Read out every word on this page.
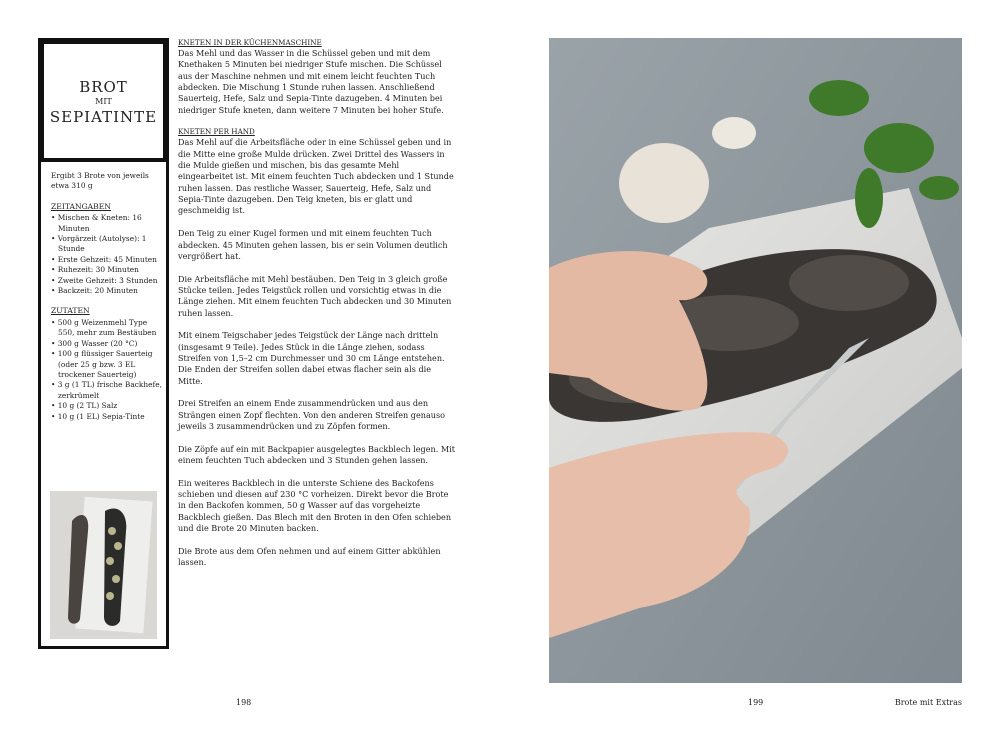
BROT
MIT
SEPIATINTE
Ergibt 3 Brote von jeweils etwa 310 g
ZEITANGABEN
• Mischen & Kneten: 16 Minuten
• Vorgärzeit (Autolyse): 1 Stunde
• Erste Gehzeit: 45 Minuten
• Ruhezeit: 30 Minuten
• Zweite Gehzeit: 3 Stunden
• Backzeit: 20 Minuten
ZUTATEN
• 500 g Weizenmehl Type 550, mehr zum Bestäuben
• 300 g Wasser (20 °C)
• 100 g flüssiger Sauerteig (oder 25 g bzw. 3 EL trockener Sauerteig)
• 3 g (1 TL) frische Backhefe, zerkrümelt
• 10 g (2 TL) Salz
• 10 g (1 EL) Sepia-Tinte
KNETEN IN DER KÜCHENMASCHINE

Das Mehl und das Wasser in die Schüssel geben und mit dem Knethaken 5 Minuten bei niedriger Stufe mischen. Die Schüssel aus der Maschine nehmen und mit einem leicht feuchten Tuch abdecken. Die Mischung 1 Stunde ruhen lassen. Anschließend Sauerteig, Hefe, Salz und Sepia-Tinte dazugeben. 4 Minuten bei niedriger Stufe kneten, dann weitere 7 Minuten bei hoher Stufe.

KNETEN PER HAND

Das Mehl auf die Arbeitsfläche oder in eine Schüssel geben und in die Mitte eine große Mulde drücken. Zwei Drittel des Wassers in die Mulde gießen und mischen, bis das gesamte Mehl eingearbeitet ist. Mit einem feuchten Tuch abdecken und 1 Stunde ruhen lassen. Das restliche Wasser, Sauerteig, Hefe, Salz und Sepia-Tinte dazugeben. Den Teig kneten, bis er glatt und geschmeidig ist.

Den Teig zu einer Kugel formen und mit einem feuchten Tuch abdecken. 45 Minuten gehen lassen, bis er sein Volumen deutlich vergrößert hat.

Die Arbeitsfläche mit Mehl bestäuben. Den Teig in 3 gleich große Stücke teilen. Jedes Teigstück rollen und vorsichtig etwas in die Länge ziehen. Mit einem feuchten Tuch abdecken und 30 Minuten ruhen lassen.

Mit einem Teigschaber jedes Teigstück der Länge nach dritteln (insgesamt 9 Teile). Jedes Stück in die Länge ziehen, sodass Streifen von 1,5–2 cm Durchmesser und 30 cm Länge entstehen. Die Enden der Streifen sollen dabei etwas flacher sein als die Mitte.

Drei Streifen an einem Ende zusammendrücken und aus den Strängen einen Zopf flechten. Von den anderen Streifen genauso jeweils 3 zusammendrücken und zu Zöpfen formen.

Die Zöpfe auf ein mit Backpapier ausgelegtes Backblech legen. Mit einem feuchten Tuch abdecken und 3 Stunden gehen lassen.

Ein weiteres Backblech in die unterste Schiene des Backofens schieben und diesen auf 230 °C vorheizen. Direkt bevor die Brote in den Backofen kommen, 50 g Wasser auf das vorgeheizte Backblech gießen. Das Blech mit den Broten in den Ofen schieben und die Brote 20 Minuten backen.

Die Brote aus dem Ofen nehmen und auf einem Gitter abkühlen lassen.

198	199	Brote mit Extras
